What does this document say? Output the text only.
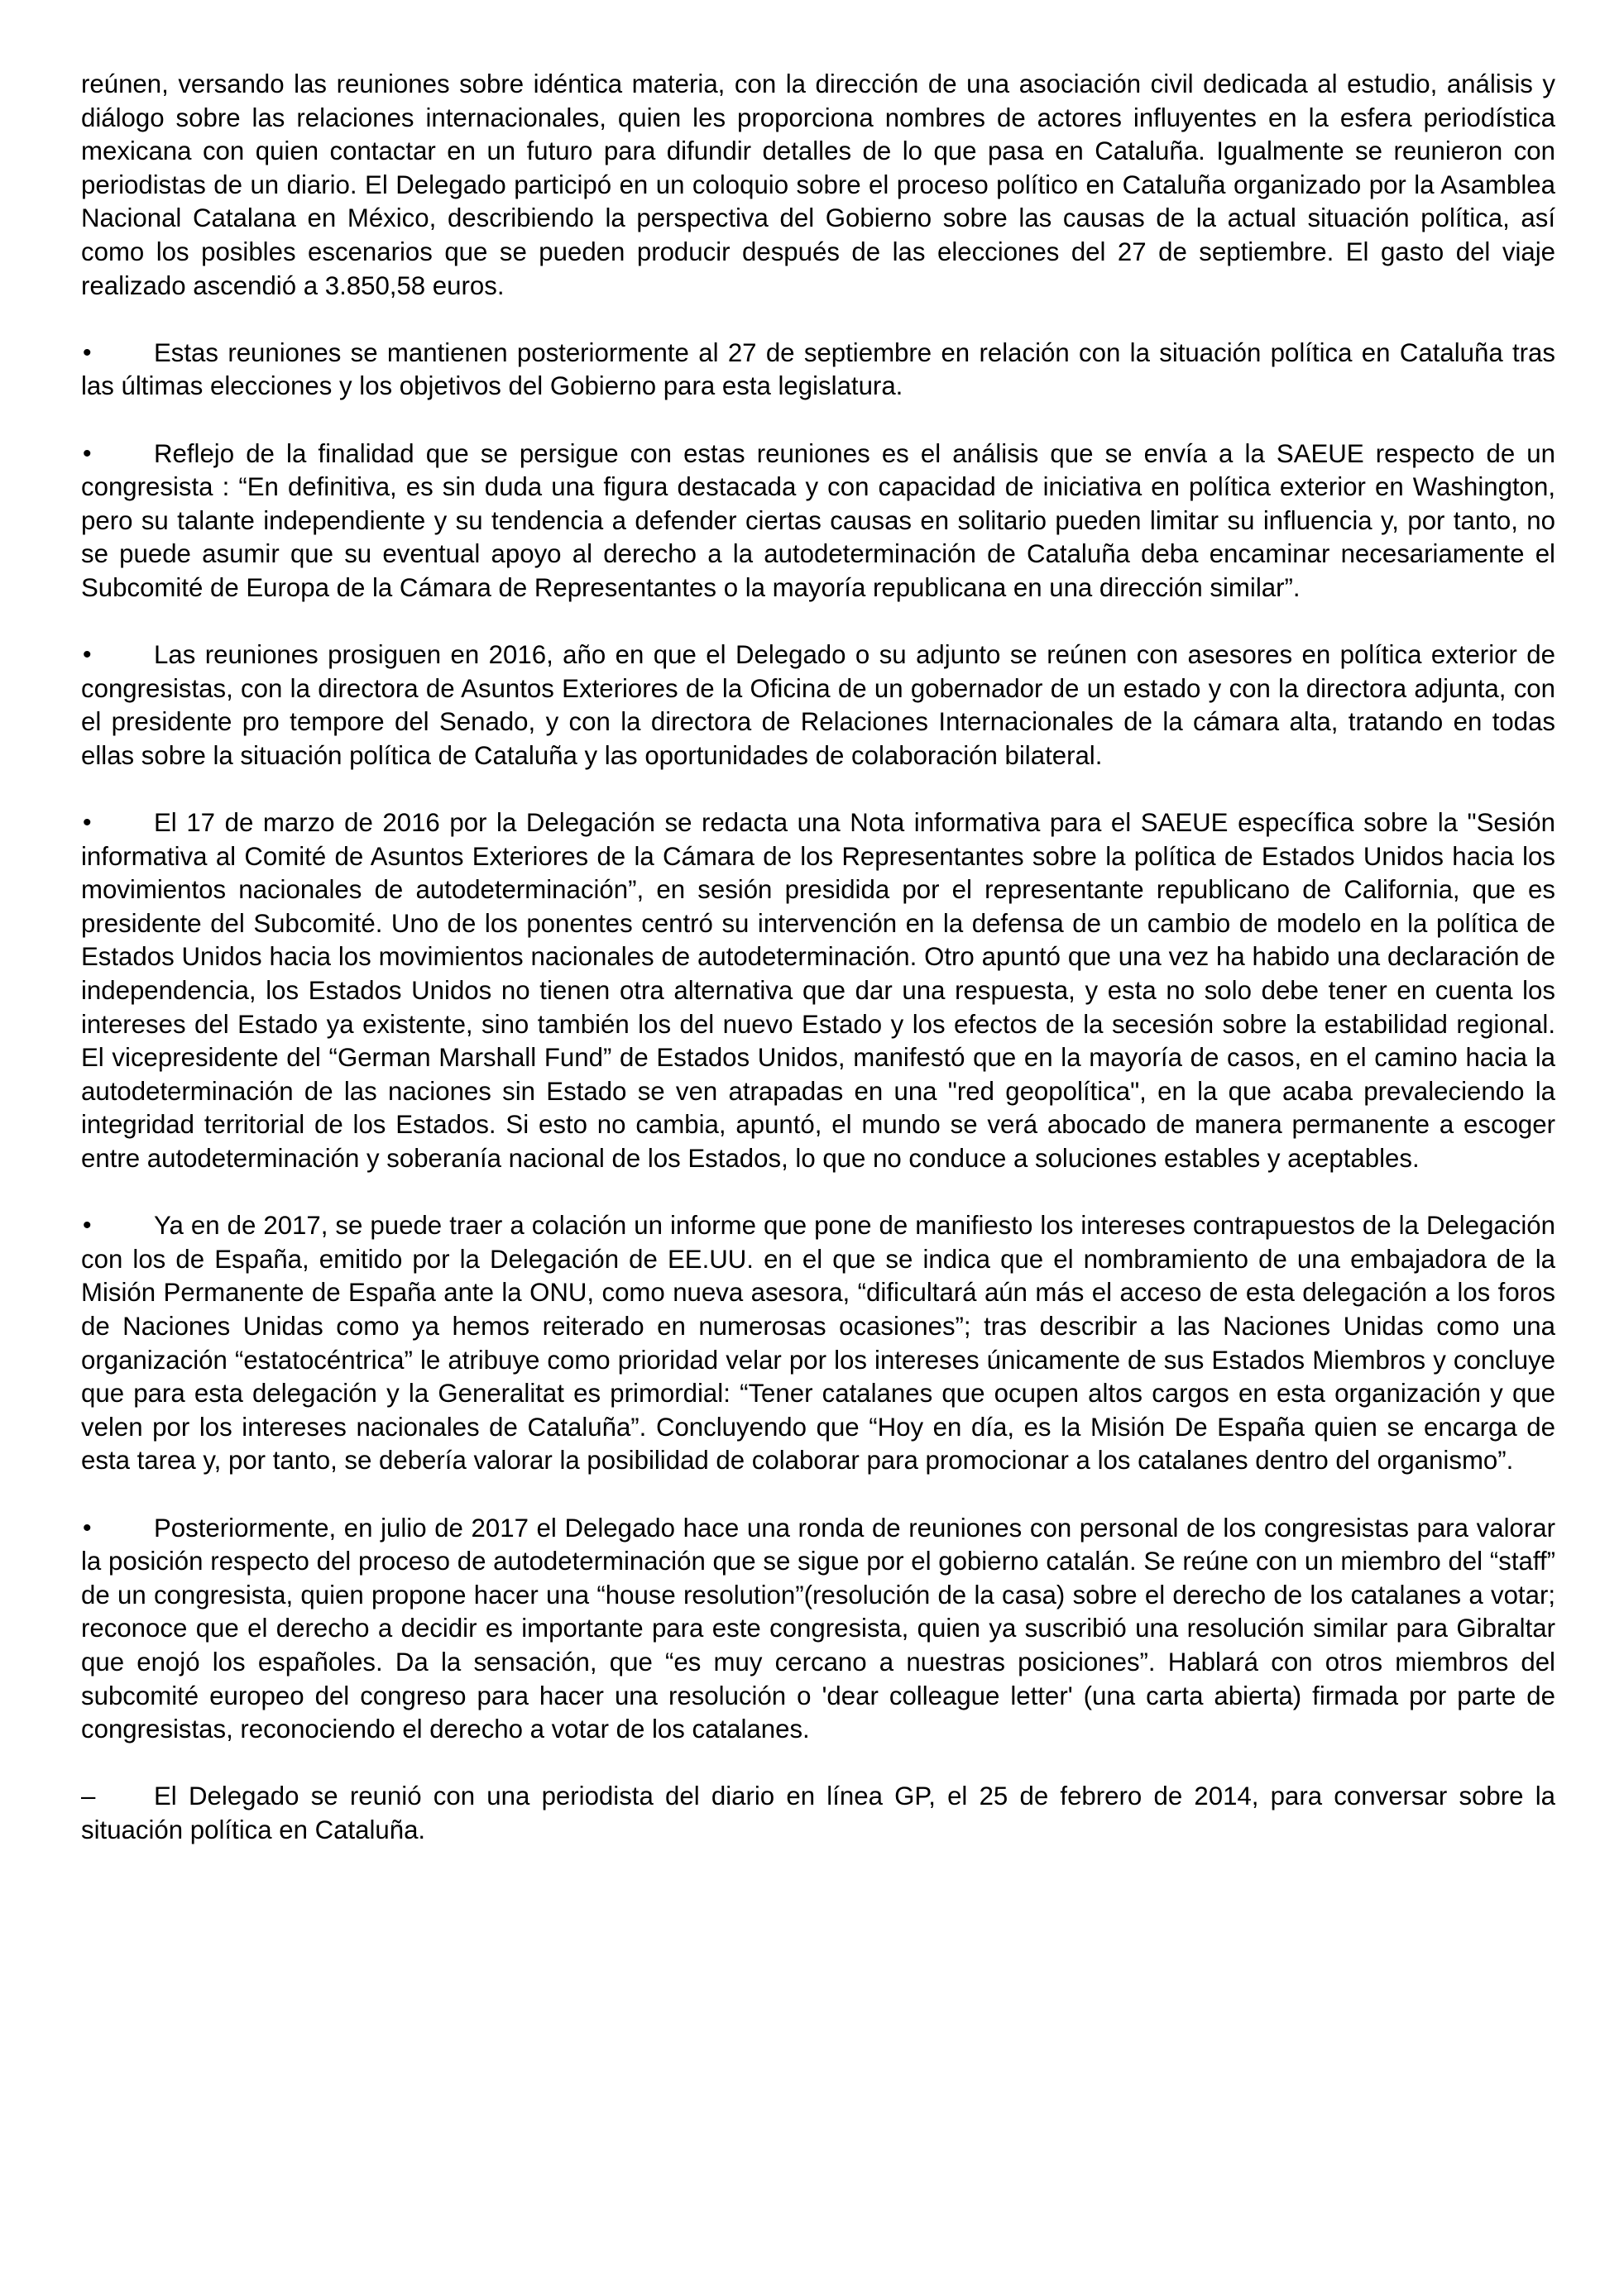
reúnen, versando las reuniones sobre idéntica materia, con la dirección de una asociación civil dedicada al estudio, análisis y diálogo sobre las relaciones internacionales, quien les proporciona nombres de actores influyentes en la esfera periodística mexicana con quien contactar en un futuro para difundir detalles de lo que pasa en Cataluña. Igualmente se reunieron con periodistas de un diario. El Delegado participó en un coloquio sobre el proceso político en Cataluña organizado por la Asamblea Nacional Catalana en México, describiendo la perspectiva del Gobierno sobre las causas de la actual situación política, así como los posibles escenarios que se pueden producir después de las elecciones del 27 de septiembre. El gasto del viaje realizado ascendió a 3.850,58 euros.

• Estas reuniones se mantienen posteriormente al 27 de septiembre en relación con la situación política en Cataluña tras las últimas elecciones y los objetivos del Gobierno para esta legislatura.

• Reflejo de la finalidad que se persigue con estas reuniones es el análisis que se envía a la SAEUE respecto de un congresista : “En definitiva, es sin duda una figura destacada y con capacidad de iniciativa en política exterior en Washington, pero su talante independiente y su tendencia a defender ciertas causas en solitario pueden limitar su influencia y, por tanto, no se puede asumir que su eventual apoyo al derecho a la autodeterminación de Cataluña deba encaminar necesariamente el Subcomité de Europa de la Cámara de Representantes o la mayoría republicana en una dirección similar”.

• Las reuniones prosiguen en 2016, año en que el Delegado o su adjunto se reúnen con asesores en política exterior de congresistas, con la directora de Asuntos Exteriores de la Oficina de un gobernador de un estado y con la directora adjunta, con el presidente pro tempore del Senado, y con la directora de Relaciones Internacionales de la cámara alta, tratando en todas ellas sobre la situación política de Cataluña y las oportunidades de colaboración bilateral.

• El 17 de marzo de 2016 por la Delegación se redacta una Nota informativa para el SAEUE específica sobre la "Sesión informativa al Comité de Asuntos Exteriores de la Cámara de los Representantes sobre la política de Estados Unidos hacia los movimientos nacionales de autodeterminación”, en sesión presidida por el representante republicano de California, que es presidente del Subcomité. Uno de los ponentes centró su intervención en la defensa de un cambio de modelo en la política de Estados Unidos hacia los movimientos nacionales de autodeterminación. Otro apuntó que una vez ha habido una declaración de independencia, los Estados Unidos no tienen otra alternativa que dar una respuesta, y esta no solo debe tener en cuenta los intereses del Estado ya existente, sino también los del nuevo Estado y los efectos de la secesión sobre la estabilidad regional. El vicepresidente del “German Marshall Fund” de Estados Unidos, manifestó que en la mayoría de casos, en el camino hacia la autodeterminación de las naciones sin Estado se ven atrapadas en una "red geopolítica", en la que acaba prevaleciendo la integridad territorial de los Estados. Si esto no cambia, apuntó, el mundo se verá abocado de manera permanente a escoger entre autodeterminación y soberanía nacional de los Estados, lo que no conduce a soluciones estables y aceptables.

• Ya en de 2017, se puede traer a colación un informe que pone de manifiesto los intereses contrapuestos de la Delegación con los de España, emitido por la Delegación de EE.UU. en el que se indica que el nombramiento de una embajadora de la Misión Permanente de España ante la ONU, como nueva asesora, “dificultará aún más el acceso de esta delegación a los foros de Naciones Unidas como ya hemos reiterado en numerosas ocasiones”; tras describir a las Naciones Unidas como una organización “estatocéntrica” le atribuye como prioridad velar por los intereses únicamente de sus Estados Miembros y concluye que para esta delegación y la Generalitat es primordial: “Tener catalanes que ocupen altos cargos en esta organización y que velen por los intereses nacionales de Cataluña”. Concluyendo que “Hoy en día, es la Misión De España quien se encarga de esta tarea y, por tanto, se debería valorar la posibilidad de colaborar para promocionar a los catalanes dentro del organismo”.

• Posteriormente, en julio de 2017 el Delegado hace una ronda de reuniones con personal de los congresistas para valorar la posición respecto del proceso de autodeterminación que se sigue por el gobierno catalán. Se reúne con un miembro del “staff” de un congresista, quien propone hacer una “house resolution”(resolución de la casa) sobre el derecho de los catalanes a votar; reconoce que el derecho a decidir es importante para este congresista, quien ya suscribió una resolución similar para Gibraltar que enojó los españoles. Da la sensación, que “es muy cercano a nuestras posiciones”. Hablará con otros miembros del subcomité europeo del congreso para hacer una resolución o 'dear colleague letter' (una carta abierta) firmada por parte de congresistas, reconociendo el derecho a votar de los catalanes.

– El Delegado se reunió con una periodista del diario en línea GP, el 25 de febrero de 2014, para conversar sobre la situación política en Cataluña.
